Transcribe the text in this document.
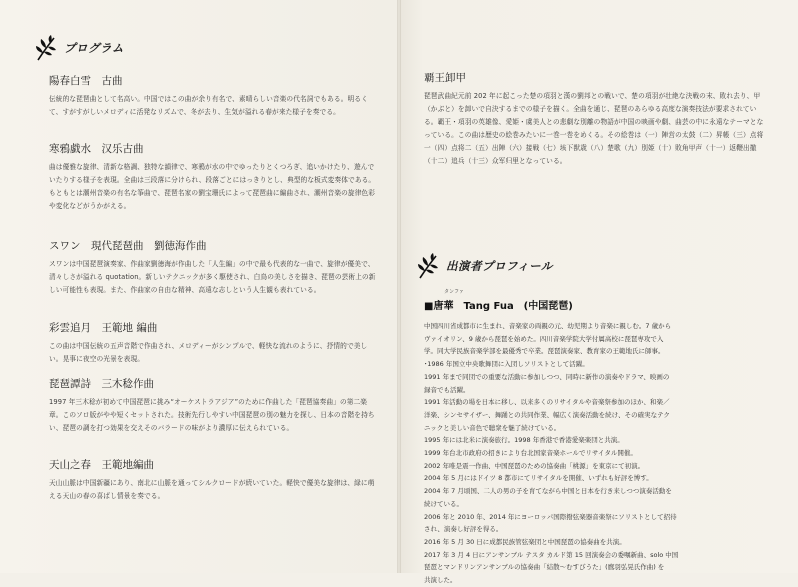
プログラム
陽春白雪　古曲
伝統的な琵琶曲として名高い。中国ではこの曲が余り有名で、素晴らしい音楽の代名詞でもある。明るくて、すがすがしいメロディに活発なリズムで、冬が去り、生気が溢れる春が来た様子を奏でる。
寒鴉戯水　汉乐古曲
曲は優雅な旋律、清新な格調、独特な韻律で、寒鴉が水の中でゆったりとくつろぎ、追いかけたり、遊んでいたりする様子を表現。全曲は三段落に分けられ、段落ごとにはっきりとし、典型的な板式変奏体である。もともとは潮州音楽の有名な筝曲で、琵琶名家の劉宝珊氏によって琵琶曲に編曲され、潮州音楽の旋律色彩や変化などがうかがえる。
スワン　現代琵琶曲　劉徳海作曲
スワンは中国琵琶演奏家、作曲家劉徳海が作曲した「人生編」の中で最も代表的な一曲で、旋律が優美で、清々しさが溢れる quotation。新しいテクニックが多く駆使され、白鳥の美しさを描き、琵琶の芸術上の新しい可能性も表現。また、作曲家の自由な精神、高遠な志しという人生観も表れている。
彩雲追月　王範地 編曲
この曲は中国伝統の五声音階で作曲され、メロディーがシンプルで、軽快な流れのように、抒情的で美しい。晃事に夜空の光景を表現。
琵琶譚詩　三木稔作曲
1997 年三木稔が初めて中国琵琶に挑み“オーケストラアジア”のために作曲した「琵琶協奏曲」の第二楽章。このソロ版がやや短くセットされた。技術先行しやすい中国琵琶の別の魅力を探し、日本の音階を持ちい、琵琶の調を打つ効果を交えそのバラードの味がより濃厚に伝えられている。
天山之春　王範地編曲
天山山脈は中国新疆にあり、南北に山脈を通ってシルクロードが続いていた。軽快で優美な旋律は、緑に萌える天山の春の喜ばし情景を奏でる。
覇王卸甲
琵琶武曲紀元前 202 年に起こった楚の項羽と漢の劉邦との戦いで、楚の項羽が壮絶な決戦の末、敗れ去り、甲（かぶと）を卸いで自決するまでの様子を描く。全曲を通じ、琵琶のあらゆる高度な演奏技法が要求されている。覇王・項羽の英雄像、愛姫・虞美人との悲劇な別離の物語が中国の映画や劇、曲芸の中に永遠なテーマとなっている。この曲は歴史の絵巻みたいに一巻一巻をめくる。その絵巻は（一）陣営の太鼓（二）昇帳（三）点将一（四）点将二（五）出陣（六）接戦（七）垓下獣歳（八）楚歌（九）別姫（十）敗角甲声（十一）返鞭出撤（十二）追兵（十三）众军归里となっている。
出演者プロフィール
タンファ
■唐華　Tang Fua　(中国琵琶)
中国四川省成都市に生まれ、音楽家の両親の元、幼児期より音楽に親しむ。7 歳から
ヴァイオリン、9 歳から琵琶を始めた。四川音楽学院大学付属高校に琵琶専攻で入
学。同大学民族音楽学部を最優秀で卒業。琵琶演奏家、教育家の王範地氏に師事。
･1986 年国立中央歌舞団に入団しソリストとして活躍。
1991 年まで同団での重要な活動に参加しつつ、同時に新作の演奏やドラマ、映画の
録音でも活躍。
1991 年活動の場を日本に移し、以来多くのリサイタルや音楽祭参加のほか、和楽／
洋楽、シンセサイザー、舞踊との共同作業、幅広く演奏活動を続け、その確実なテク
ニックと美しい音色で聴衆を魅了続けている。
1995 年には北米に演奏旅行。1998 年香港で香港愛楽楽団と共演。
1999 年台北市政府の招きにより台北国家音楽ホールでリサイタル開催。
2002 年唯是震一作曲、中国琵琶のための協奏曲「桃源」を東京にて初演。
2004 年 5 月にはドイツ 8 都市にてリサイタルを開催、いずれも好評を博す。
2004 年 7 月頃国、二人の男の子を育てながら中国と日本を行き来しつつ演奏活動を
続けている。
2006 年と 2010 年、2014 年にヨーロッパ国際撥弦楽器音楽祭にソリストとして招待
され、演奏し好評を得る。
2016 年 5 月 30 日に成都民族管弦楽団と中国琵琶の協奏曲を共演。
2017 年 3 月 4 日にアンサンブル テスタ カルド第 15 回演奏会の委嘱新曲、solo 中国
琵琶とマンドリンアンサンブルの協奏曲「結散～むすびうた」(鷹羽弘晃氏作曲) を
共演した。
